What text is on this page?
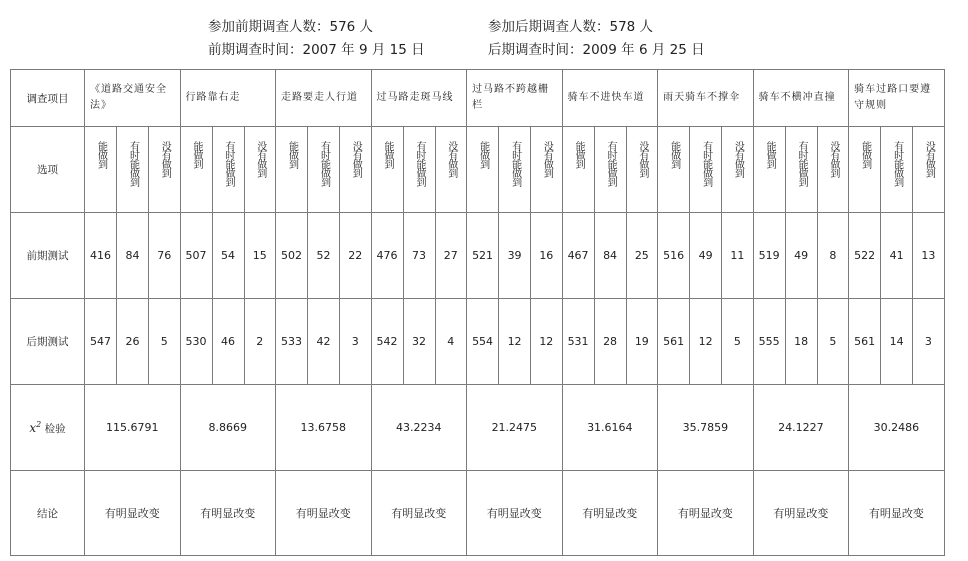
参加前期调查人数：576 人	参加后期调查人数：578 人
前期调查时间：2007 年 9 月 15 日	后期调查时间：2009 年 6 月 25 日
调查项目	《道路交通安全法》			行路靠右走			走路要走人行道			过马路走斑马线			过马路不跨越栅栏			骑车不进快车道			雨天骑车不撑伞			骑车不横冲直撞			骑车过路口要遵守规则		
选项	能做到	有时能做到	没有做到	能做到	有时能做到	没有做到	能做到	有时能做到	没有做到	能做到	有时能做到	没有做到	能做到	有时能做到	没有做到	能做到	有时能做到	没有做到	能做到	有时能做到	没有做到	能做到	有时能做到	没有做到	能做到	有时能做到	没有做到
前期测试	416	84	76	507	54	15	502	52	22	476	73	27	521	39	16	467	84	25	516	49	11	519	49	8	522	41	13
后期测试	547	26	5	530	46	2	533	42	3	542	32	4	554	12	12	531	28	19	561	12	5	555	18	5	561	14	3
$x^2$ 检验	115.6791			8.8669			13.6758			43.2234			21.2475			31.6164			35.7859			24.1227			30.2486		
结论	有明显改变			有明显改变			有明显改变			有明显改变			有明显改变			有明显改变			有明显改变			有明显改变			有明显改变		
